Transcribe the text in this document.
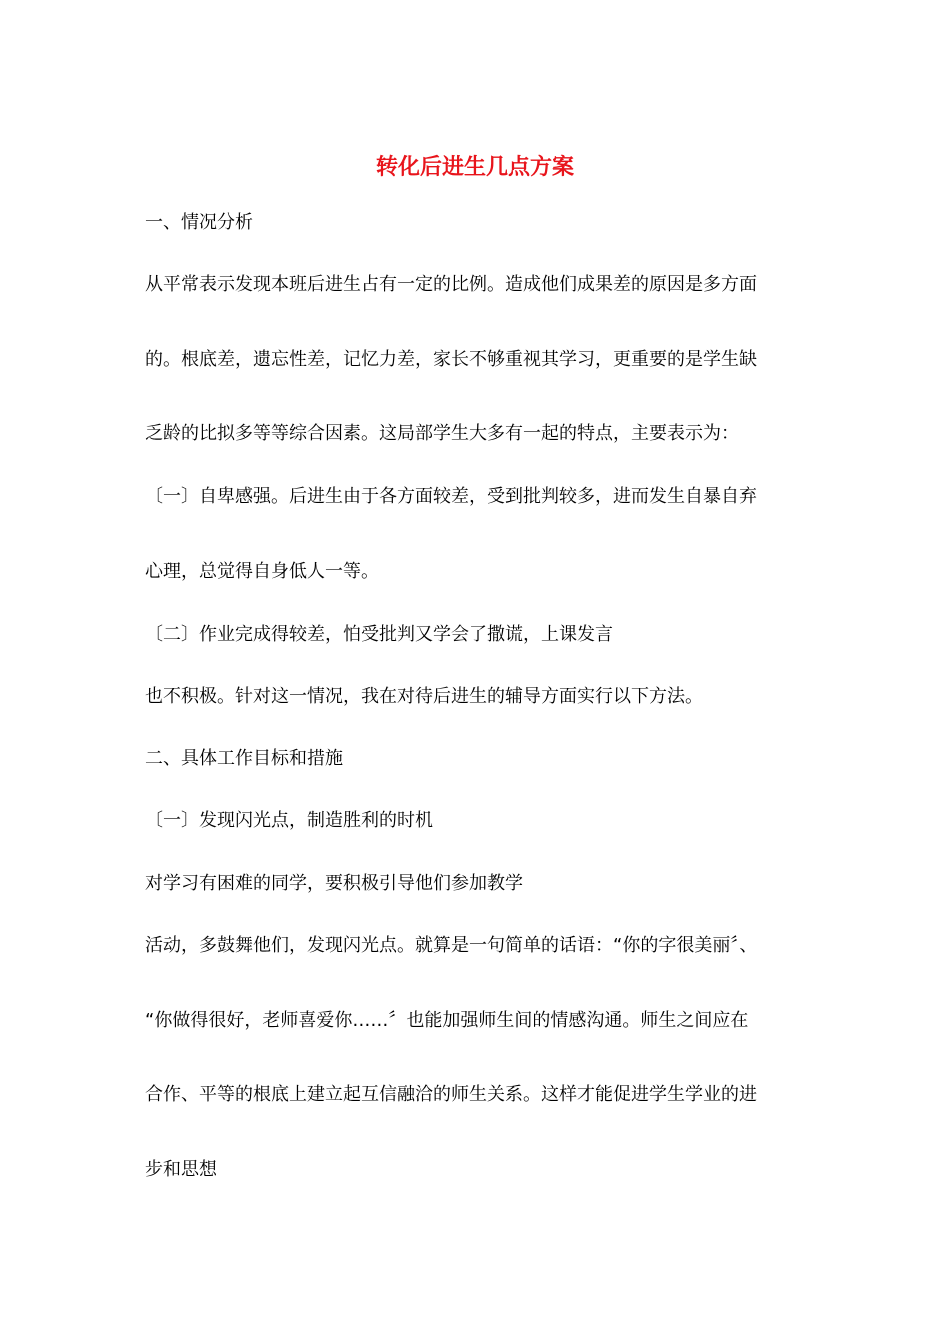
转化后进生几点方案
一、情况分析
从平常表示发现本班后进生占有一定的比例。造成他们成果差的原因是多方面
的。根底差，遗忘性差，记忆力差，家长不够重视其学习，更重要的是学生缺
乏龄的比拟多等等综合因素。这局部学生大多有一起的特点，主要表示为：
〔一〕自卑感强。后进生由于各方面较差，受到批判较多，进而发生自暴自弃
心理，总觉得自身低人一等。
〔二〕作业完成得较差，怕受批判又学会了撒谎，上课发言
也不积极。针对这一情况，我在对待后进生的辅导方面实行以下方法。
二、具体工作目标和措施
〔一〕发现闪光点，制造胜利的时机
对学习有困难的同学，要积极引导他们参加教学
活动，多鼓舞他们，发现闪光点。就算是一句简单的话语：“你的字很美丽〞、
“你做得很好，老师喜爱你……〞也能加强师生间的情感沟通。师生之间应在
合作、平等的根底上建立起互信融洽的师生关系。这样才能促进学生学业的进
步和思想
